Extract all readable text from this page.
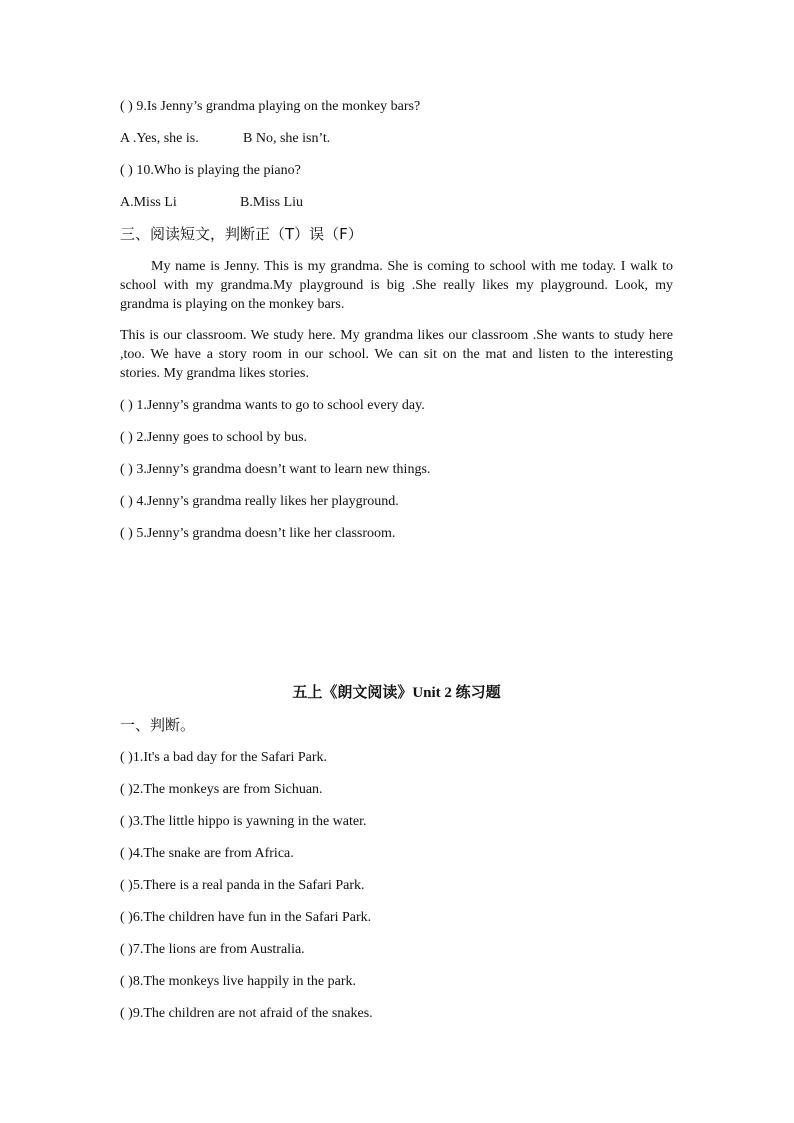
( ) 9.Is Jenny’s grandma playing on the monkey bars?
A .Yes, she is.	B No, she isn’t.
( ) 10.Who is playing the piano?
A.Miss Li	B.Miss Liu
三、阅读短文，判断正（T）误（F）
My name is Jenny. This is my grandma. She is coming to school with me today. I walk to school with my grandma.My playground is big .She really likes my playground. Look, my grandma is playing on the monkey bars.
This is our classroom. We study here. My grandma likes our classroom .She wants to study here ,too. We have a story room in our school. We can sit on the mat and listen to the interesting stories. My grandma likes stories.
( ) 1.Jenny’s grandma wants to go to school every day.
( ) 2.Jenny goes to school by bus.
( ) 3.Jenny’s grandma doesn’t want to learn new things.
( ) 4.Jenny’s grandma really likes her playground.
( ) 5.Jenny’s grandma doesn’t like her classroom.
五上《朗文阅读》Unit 2 练习题
一、判断。
( )1.It's a bad day for the Safari Park.
( )2.The monkeys are from Sichuan.
( )3.The little hippo is yawning in the water.
( )4.The snake are from Africa.
( )5.There is a real panda in the Safari Park.
( )6.The children have fun in the Safari Park.
( )7.The lions are from Australia.
( )8.The monkeys live happily in the park.
( )9.The children are not afraid of the snakes.
